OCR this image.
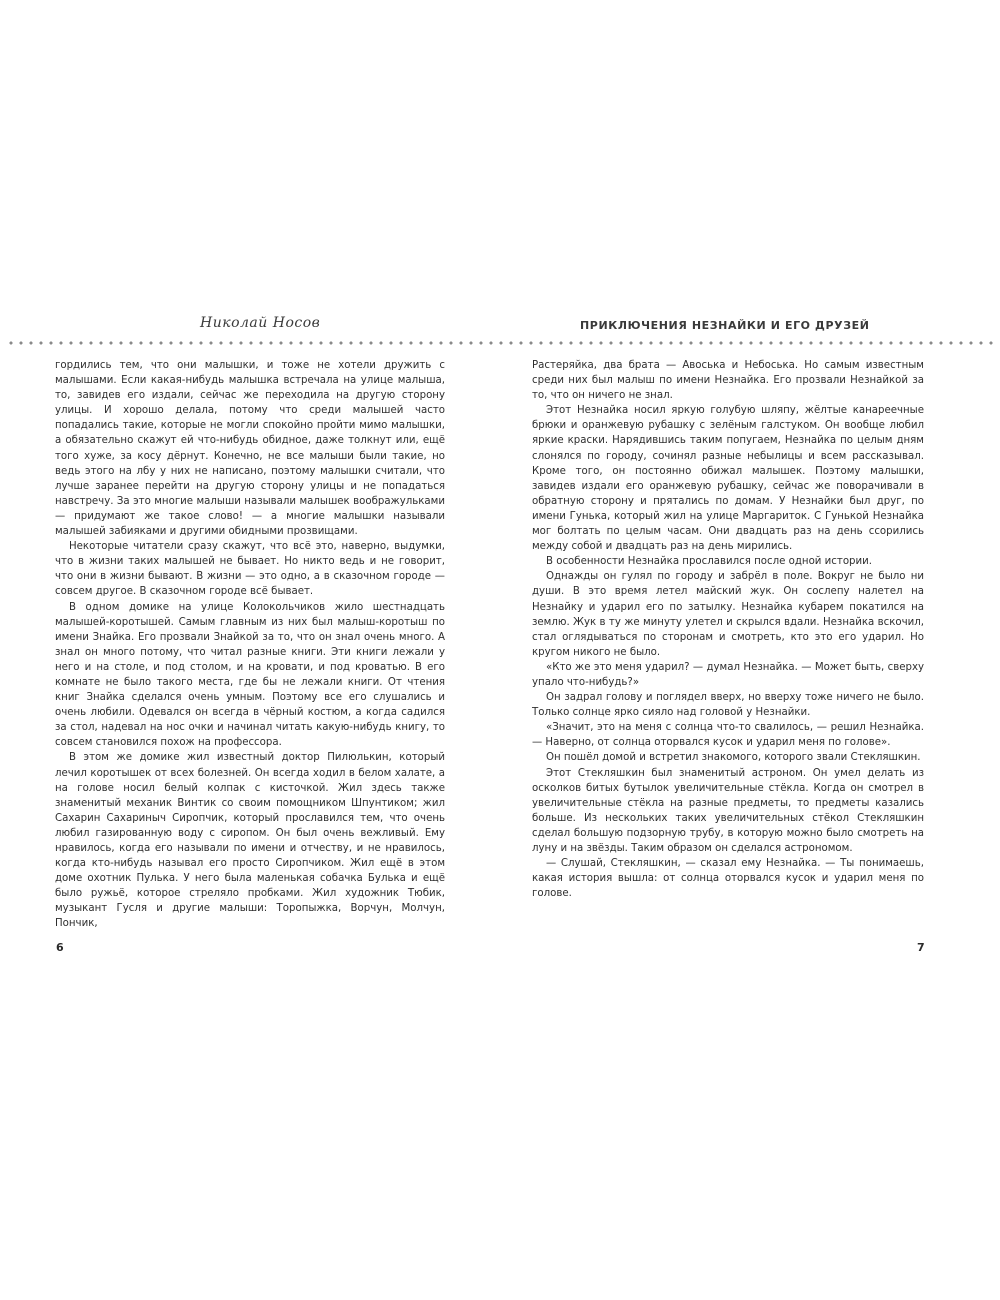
Николай Носов	ПРИКЛЮЧЕНИЯ НЕЗНАЙКИ И ЕГО ДРУЗЕЙ

гордились тем, что они малышки, и тоже не хотели дружить с малышами. Если какая-нибудь малышка встречала на улице малыша, то, завидев его издали, сейчас же переходила на другую сторону улицы. И хорошо делала, потому что среди малышей часто попадались такие, которые не могли спокойно пройти мимо малышки, а обязательно скажут ей что-нибудь обидное, даже толкнут или, ещё того хуже, за косу дёрнут. Конечно, не все малыши были такие, но ведь этого на лбу у них не написано, поэтому малышки считали, что лучше заранее перейти на другую сторону улицы и не попадаться навстречу. За это многие малыши называли малышек воображульками — придумают же такое слово! — а многие малышки называли малышей забияками и другими обидными прозвищами.

Некоторые читатели сразу скажут, что всё это, наверно, выдумки, что в жизни таких малышей не бывает. Но никто ведь и не говорит, что они в жизни бывают. В жизни — это одно, а в сказочном городе — совсем другое. В сказочном городе всё бывает.

В одном домике на улице Колокольчиков жило шестнадцать малышей-коротышей. Самым главным из них был малыш-коротыш по имени Знайка. Его прозвали Знайкой за то, что он знал очень много. А знал он много потому, что читал разные книги. Эти книги лежали у него и на столе, и под столом, и на кровати, и под кроватью. В его комнате не было такого места, где бы не лежали книги. От чтения книг Знайка сделался очень умным. Поэтому все его слушались и очень любили. Одевался он всегда в чёрный костюм, а когда садился за стол, надевал на нос очки и начинал читать какую-нибудь книгу, то совсем становился похож на профессора.

В этом же домике жил известный доктор Пилюлькин, который лечил коротышек от всех болезней. Он всегда ходил в белом халате, а на голове носил белый колпак с кисточкой. Жил здесь также знаменитый механик Винтик со своим помощником Шпунтиком; жил Сахарин Сахариныч Сиропчик, который прославился тем, что очень любил газированную воду с сиропом. Он был очень вежливый. Ему нравилось, когда его называли по имени и отчеству, и не нравилось, когда кто-нибудь называл его просто Сиропчиком. Жил ещё в этом доме охотник Пулька. У него была маленькая собачка Булька и ещё было ружьё, которое стреляло пробками. Жил художник Тюбик, музыкант Гусля и другие малыши: Торопыжка, Ворчун, Молчун, Пончик,

Растеряйка, два брата — Авоська и Небоська. Но самым известным среди них был малыш по имени Незнайка. Его прозвали Незнайкой за то, что он ничего не знал.

Этот Незнайка носил яркую голубую шляпу, жёлтые канареечные брюки и оранжевую рубашку с зелёным галстуком. Он вообще любил яркие краски. Нарядившись таким попугаем, Незнайка по целым дням слонялся по городу, сочинял разные небылицы и всем рассказывал. Кроме того, он постоянно обижал малышек. Поэтому малышки, завидев издали его оранжевую рубашку, сейчас же поворачивали в обратную сторону и прятались по домам. У Незнайки был друг, по имени Гунька, который жил на улице Маргариток. С Гунькой Незнайка мог болтать по целым часам. Они двадцать раз на день ссорились между собой и двадцать раз на день мирились.

В особенности Незнайка прославился после одной истории.

Однажды он гулял по городу и забрёл в поле. Вокруг не было ни души. В это время летел майский жук. Он сослепу налетел на Незнайку и ударил его по затылку. Незнайка кубарем покатился на землю. Жук в ту же минуту улетел и скрылся вдали. Незнайка вскочил, стал оглядываться по сторонам и смотреть, кто это его ударил. Но кругом никого не было.

«Кто же это меня ударил? — думал Незнайка. — Может быть, сверху упало что-нибудь?»

Он задрал голову и поглядел вверх, но вверху тоже ничего не было. Только солнце ярко сияло над головой у Незнайки.

«Значит, это на меня с солнца что-то свалилось, — решил Незнайка. — Наверно, от солнца оторвался кусок и ударил меня по голове».

Он пошёл домой и встретил знакомого, которого звали Стекляшкин.

Этот Стекляшкин был знаменитый астроном. Он умел делать из осколков битых бутылок увеличительные стёкла. Когда он смотрел в увеличительные стёкла на разные предметы, то предметы казались больше. Из нескольких таких увеличительных стёкол Стекляшкин сделал большую подзорную трубу, в которую можно было смотреть на луну и на звёзды. Таким образом он сделался астрономом.

— Слушай, Стекляшкин, — сказал ему Незнайка. — Ты понимаешь, какая история вышла: от солнца оторвался кусок и ударил меня по голове.

6	7
